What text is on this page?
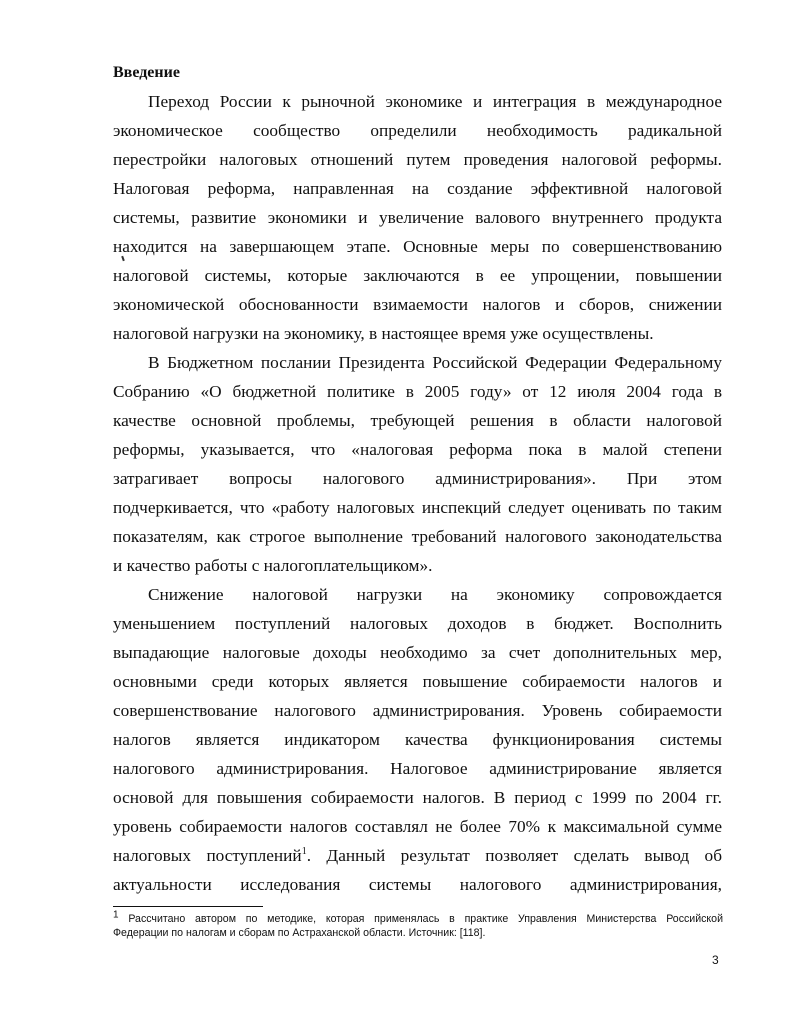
Введение
Переход России к рыночной экономике и интеграция в международное
экономическое сообщество определили необходимость радикальной
перестройки налоговых отношений путем проведения налоговой реформы.
Налоговая реформа, направленная на создание эффективной налоговой
системы, развитие экономики и увеличение валового внутреннего продукта
находится на завершающем этапе. Основные меры по совершенствованию
налоговой системы, которые заключаются в ее упрощении, повышении
экономической обоснованности взимаемости налогов и сборов, снижении
налоговой нагрузки на экономику, в настоящее время уже осуществлены.
В Бюджетном послании Президента Российской Федерации Федеральному
Собранию «О бюджетной политике в 2005 году» от 12 июля 2004 года в
качестве основной проблемы, требующей решения в области налоговой
реформы, указывается, что «налоговая реформа пока в малой степени
затрагивает вопросы налогового администрирования». При этом
подчеркивается, что «работу налоговых инспекций следует оценивать по таким
показателям, как строгое выполнение требований налогового законодательства
и качество работы с налогоплательщиком».
Снижение налоговой нагрузки на экономику сопровождается
уменьшением поступлений налоговых доходов в бюджет. Восполнить
выпадающие налоговые доходы необходимо за счет дополнительных мер,
основными среди которых является повышение собираемости налогов и
совершенствование налогового администрирования. Уровень собираемости
налогов является индикатором качества функционирования системы
налогового администрирования. Налоговое администрирование является
основой для повышения собираемости налогов. В период с 1999 по 2004 гг.
уровень собираемости налогов составлял не более 70% к максимальной сумме
налоговых поступлений$^1$. Данный результат позволяет сделать вывод об
актуальности исследования системы налогового администрирования,
$^1$ Рассчитано автором по методике, которая применялась в практике Управления Министерства Российской
Федерации по налогам и сборам по Астраханской области. Источник: [118].
3
